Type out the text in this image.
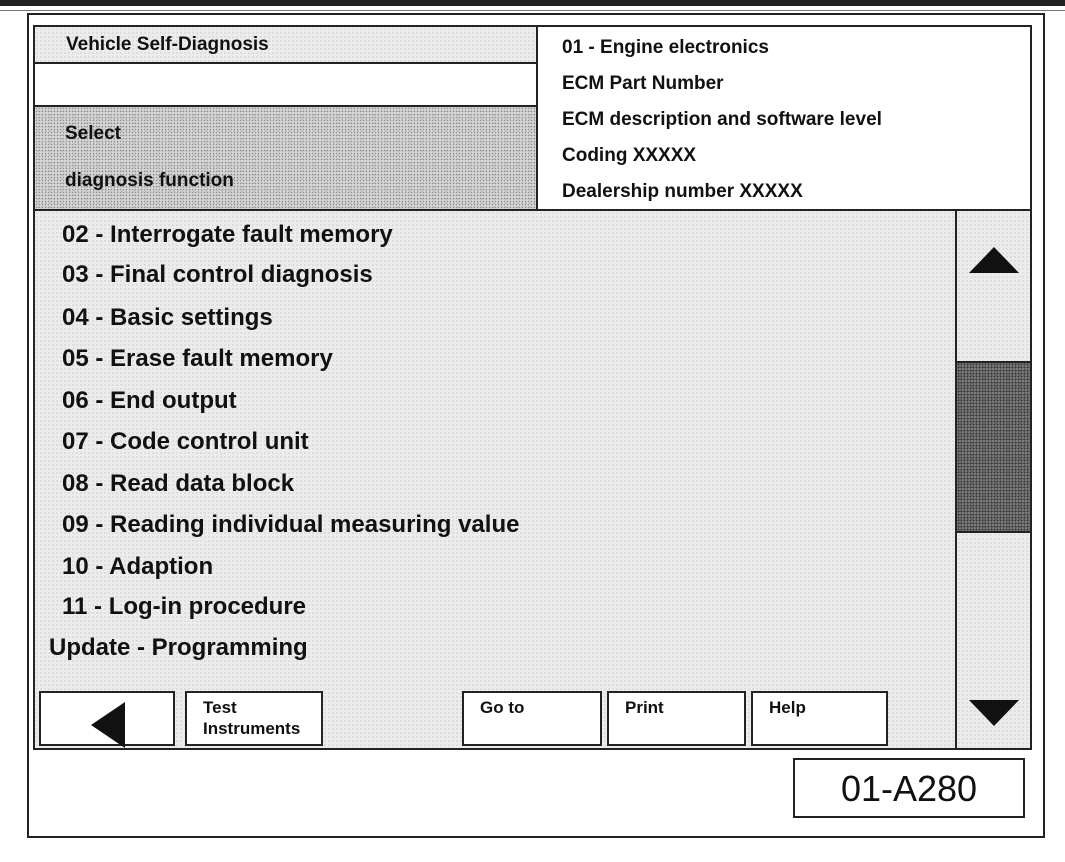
Vehicle Self-Diagnosis
Select
diagnosis function
01 - Engine electronics
ECM Part Number
ECM description and software level
Coding XXXXX
Dealership number XXXXX
02 - Interrogate fault memory
03 - Final control diagnosis
04 - Basic settings
05 - Erase fault memory
06 - End output
07 - Code control unit
08 - Read data block
09 - Reading individual measuring value
10 - Adaption
11 - Log-in procedure
Update - Programming
Test
Instruments
Go to	Print	Help
01-A280
